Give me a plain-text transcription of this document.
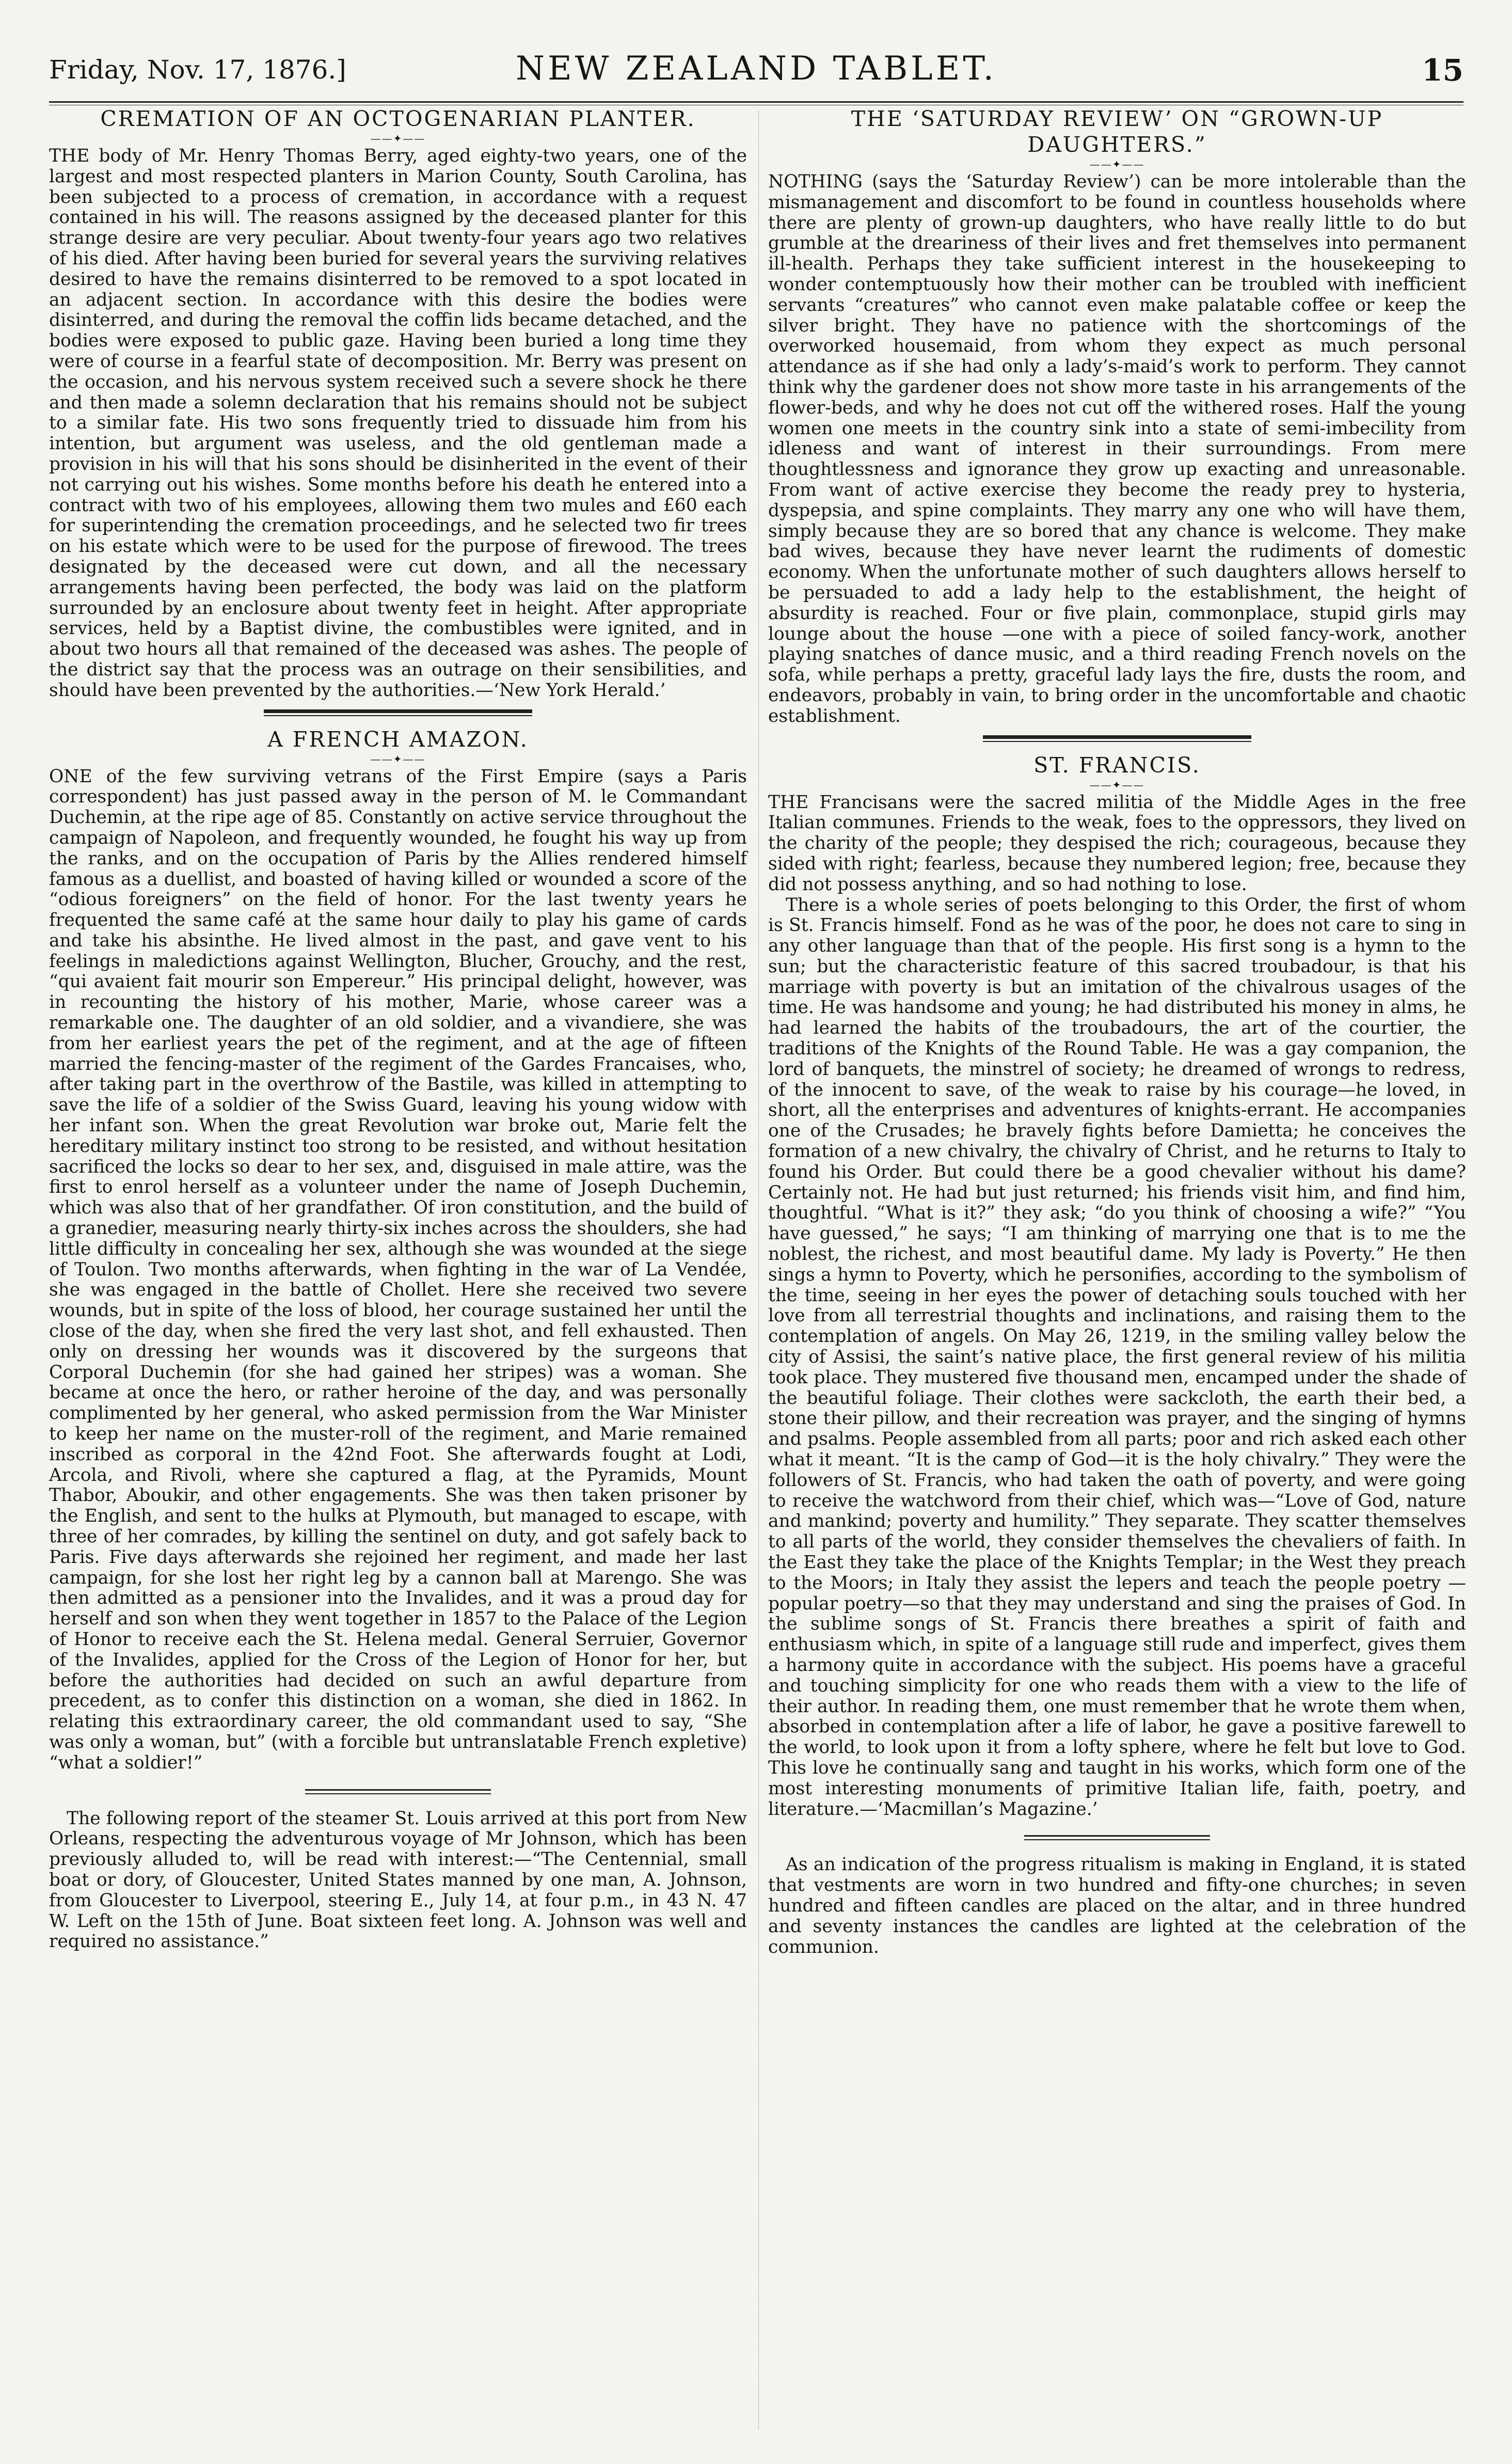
Friday, Nov. 17, 1876.]	NEW ZEALAND TABLET.	15
CREMATION OF AN OCTOGENARIAN PLANTER.
——✦——

THE body of Mr. Henry Thomas Berry, aged eighty-two years, one of the largest and most respected planters in Marion County, South Carolina, has been subjected to a process of cremation, in accordance with a request contained in his will. The reasons assigned by the deceased planter for this strange desire are very peculiar. About twenty-four years ago two relatives of his died. After having been buried for several years the surviving relatives desired to have the remains disinterred to be removed to a spot located in an adjacent section. In accordance with this desire the bodies were disinterred, and during the removal the coffin lids became detached, and the bodies were exposed to public gaze. Having been buried a long time they were of course in a fearful state of decomposition. Mr. Berry was present on the occasion, and his nervous system received such a severe shock he there and then made a solemn declaration that his remains should not be subject to a similar fate. His two sons frequently tried to dissuade him from his intention, but argument was useless, and the old gentleman made a provision in his will that his sons should be disinherited in the event of their not carrying out his wishes. Some months before his death he entered into a contract with two of his employees, allowing them two mules and £60 each for superintending the cremation proceedings, and he selected two fir trees on his estate which were to be used for the purpose of firewood. The trees designated by the deceased were cut down, and all the necessary arrangements having been perfected, the body was laid on the platform surrounded by an enclosure about twenty feet in height. After appropriate services, held by a Baptist divine, the combustibles were ignited, and in about two hours all that remained of the deceased was ashes. The people of the district say that the process was an outrage on their sensibilities, and should have been prevented by the authorities.—‘New York Herald.’

A FRENCH AMAZON.
——✦——

ONE of the few surviving vetrans of the First Empire (says a Paris correspondent) has just passed away in the person of M. le Commandant Duchemin, at the ripe age of 85. Constantly on active service throughout the campaign of Napoleon, and frequently wounded, he fought his way up from the ranks, and on the occupation of Paris by the Allies rendered himself famous as a duellist, and boasted of having killed or wounded a score of the “odious foreigners” on the field of honor. For the last twenty years he frequented the same café at the same hour daily to play his game of cards and take his absinthe. He lived almost in the past, and gave vent to his feelings in maledictions against Wellington, Blucher, Grouchy, and the rest, “qui avaient fait mourir son Empereur.” His principal delight, however, was in recounting the history of his mother, Marie, whose career was a remarkable one. The daughter of an old soldier, and a vivandiere, she was from her earliest years the pet of the regiment, and at the age of fifteen married the fencing-master of the regiment of the Gardes Francaises, who, after taking part in the overthrow of the Bastile, was killed in attempting to save the life of a soldier of the Swiss Guard, leaving his young widow with her infant son. When the great Revolution war broke out, Marie felt the hereditary military instinct too strong to be resisted, and without hesitation sacrificed the locks so dear to her sex, and, disguised in male attire, was the first to enrol herself as a volunteer under the name of Joseph Duchemin, which was also that of her grandfather. Of iron constitution, and the build of a granedier, measuring nearly thirty-six inches across the shoulders, she had little difficulty in concealing her sex, although she was wounded at the siege of Toulon. Two months afterwards, when fighting in the war of La Vendée, she was engaged in the battle of Chollet. Here she received two severe wounds, but in spite of the loss of blood, her courage sustained her until the close of the day, when she fired the very last shot, and fell exhausted. Then only on dressing her wounds was it discovered by the surgeons that Corporal Duchemin (for she had gained her stripes) was a woman. She became at once the hero, or rather heroine of the day, and was personally complimented by her general, who asked permission from the War Minister to keep her name on the muster-roll of the regiment, and Marie remained inscribed as corporal in the 42nd Foot. She afterwards fought at Lodi, Arcola, and Rivoli, where she captured a flag, at the Pyramids, Mount Thabor, Aboukir, and other engagements. She was then taken prisoner by the English, and sent to the hulks at Plymouth, but managed to escape, with three of her comrades, by killing the sentinel on duty, and got safely back to Paris. Five days afterwards she rejoined her regiment, and made her last campaign, for she lost her right leg by a cannon ball at Marengo. She was then admitted as a pensioner into the Invalides, and it was a proud day for herself and son when they went together in 1857 to the Palace of the Legion of Honor to receive each the St. Helena medal. General Serruier, Governor of the Invalides, applied for the Cross of the Legion of Honor for her, but before the authorities had decided on such an awful departure from precedent, as to confer this distinction on a woman, she died in 1862. In relating this extraordinary career, the old commandant used to say, “She was only a woman, but” (with a forcible but untranslatable French expletive) “what a soldier!”

The following report of the steamer St. Louis arrived at this port from New Orleans, respecting the adventurous voyage of Mr Johnson, which has been previously alluded to, will be read with interest:—“The Centennial, small boat or dory, of Gloucester, United States manned by one man, A. Johnson, from Gloucester to Liverpool, steering E., July 14, at four p.m., in 43 N. 47 W. Left on the 15th of June. Boat sixteen feet long. A. Johnson was well and required no assistance.”

THE ‘SATURDAY REVIEW’ ON “GROWN-UP DAUGHTERS.”
——✦——

NOTHING (says the ‘Saturday Review’) can be more intolerable than the mismanagement and discomfort to be found in countless households where there are plenty of grown-up daughters, who have really little to do but grumble at the dreariness of their lives and fret themselves into permanent ill-health. Perhaps they take sufficient interest in the housekeeping to wonder contemptuously how their mother can be troubled with inefficient servants “creatures” who cannot even make palatable coffee or keep the silver bright. They have no patience with the shortcomings of the overworked housemaid, from whom they expect as much personal attendance as if she had only a lady’s-maid’s work to perform. They cannot think why the gardener does not show more taste in his arrangements of the flower-beds, and why he does not cut off the withered roses. Half the young women one meets in the country sink into a state of semi-imbecility from idleness and want of interest in their surroundings. From mere thoughtlessness and ignorance they grow up exacting and unreasonable. From want of active exercise they become the ready prey to hysteria, dyspepsia, and spine complaints. They marry any one who will have them, simply because they are so bored that any chance is welcome. They make bad wives, because they have never learnt the rudiments of domestic economy. When the unfortunate mother of such daughters allows herself to be persuaded to add a lady help to the establishment, the height of absurdity is reached. Four or five plain, commonplace, stupid girls may lounge about the house —one with a piece of soiled fancy-work, another playing snatches of dance music, and a third reading French novels on the sofa, while perhaps a pretty, graceful lady lays the fire, dusts the room, and endeavors, probably in vain, to bring order in the uncomfortable and chaotic establishment.

ST. FRANCIS.
——✦——

THE Francisans were the sacred militia of the Middle Ages in the free Italian communes. Friends to the weak, foes to the oppressors, they lived on the charity of the people; they despised the rich; courageous, because they sided with right; fearless, because they numbered legion; free, because they did not possess anything, and so had nothing to lose.

There is a whole series of poets belonging to this Order, the first of whom is St. Francis himself. Fond as he was of the poor, he does not care to sing in any other language than that of the people. His first song is a hymn to the sun; but the characteristic feature of this sacred troubadour, is that his marriage with poverty is but an imitation of the chivalrous usages of the time. He was handsome and young; he had distributed his money in alms, he had learned the habits of the troubadours, the art of the courtier, the traditions of the Knights of the Round Table. He was a gay companion, the lord of banquets, the minstrel of society; he dreamed of wrongs to redress, of the innocent to save, of the weak to raise by his courage—he loved, in short, all the enterprises and adventures of knights-errant. He accompanies one of the Crusades; he bravely fights before Damietta; he conceives the formation of a new chivalry, the chivalry of Christ, and he returns to Italy to found his Order. But could there be a good chevalier without his dame? Certainly not. He had but just returned; his friends visit him, and find him, thoughtful. “What is it?” they ask; “do you think of choosing a wife?” “You have guessed,” he says; “I am thinking of marrying one that is to me the noblest, the richest, and most beautiful dame. My lady is Poverty.” He then sings a hymn to Poverty, which he personifies, according to the symbolism of the time, seeing in her eyes the power of detaching souls touched with her love from all terrestrial thoughts and inclinations, and raising them to the contemplation of angels. On May 26, 1219, in the smiling valley below the city of Assisi, the saint’s native place, the first general review of his militia took place. They mustered five thousand men, encamped under the shade of the beautiful foliage. Their clothes were sackcloth, the earth their bed, a stone their pillow, and their recreation was prayer, and the singing of hymns and psalms. People assembled from all parts; poor and rich asked each other what it meant. “It is the camp of God—it is the holy chivalry.” They were the followers of St. Francis, who had taken the oath of poverty, and were going to receive the watchword from their chief, which was—“Love of God, nature and mankind; poverty and humility.” They separate. They scatter themselves to all parts of the world, they consider themselves the chevaliers of faith. In the East they take the place of the Knights Templar; in the West they preach to the Moors; in Italy they assist the lepers and teach the people poetry —popular poetry—so that they may understand and sing the praises of God. In the sublime songs of St. Francis there breathes a spirit of faith and enthusiasm which, in spite of a language still rude and imperfect, gives them a harmony quite in accordance with the subject. His poems have a graceful and touching simplicity for one who reads them with a view to the life of their author. In reading them, one must remember that he wrote them when, absorbed in contemplation after a life of labor, he gave a positive farewell to the world, to look upon it from a lofty sphere, where he felt but love to God. This love he continually sang and taught in his works, which form one of the most interesting monuments of primitive Italian life, faith, poetry, and literature.—‘Macmillan’s Magazine.’

As an indication of the progress ritualism is making in England, it is stated that vestments are worn in two hundred and fifty-one churches; in seven hundred and fifteen candles are placed on the altar, and in three hundred and seventy instances the candles are lighted at the celebration of the communion.
